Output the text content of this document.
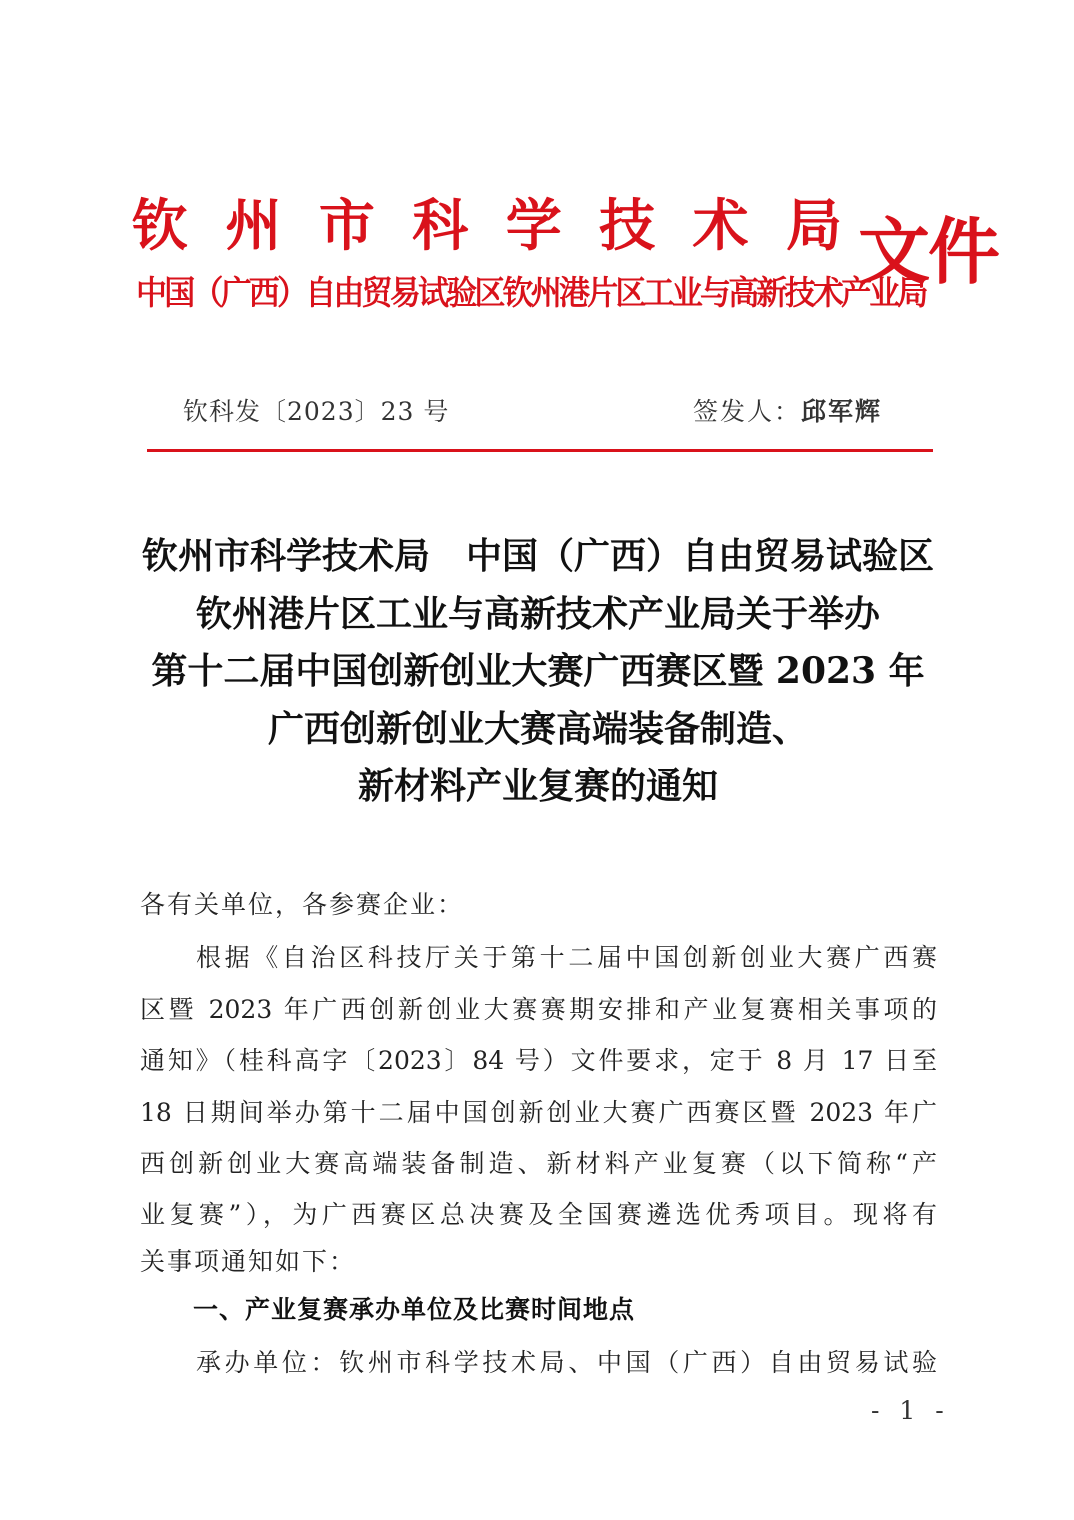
钦 州 市 科 学 技 术 局
中国（广西）自由贸易试验区钦州港片区工业与高新技术产业局
文件
钦科发〔2023〕23 号	签发人：邱军辉
钦州市科学技术局　中国（广西）自由贸易试验区
钦州港片区工业与高新技术产业局关于举办
第十二届中国创新创业大赛广西赛区暨 2023 年
广西创新创业大赛高端装备制造、
新材料产业复赛的通知
各有关单位，各参赛企业：
根据《自治区科技厅关于第十二届中国创新创业大赛广西赛
区暨 2023 年广西创新创业大赛赛期安排和产业复赛相关事项的
通知》（桂科高字〔2023〕84 号）文件要求，定于 8 月 17 日至
18 日期间举办第十二届中国创新创业大赛广西赛区暨 2023 年广
西创新创业大赛高端装备制造、新材料产业复赛（以下简称“产
业复赛”），为广西赛区总决赛及全国赛遴选优秀项目。现将有
关事项通知如下：
一、产业复赛承办单位及比赛时间地点
承办单位：钦州市科学技术局、中国（广西）自由贸易试验
- 1 -
